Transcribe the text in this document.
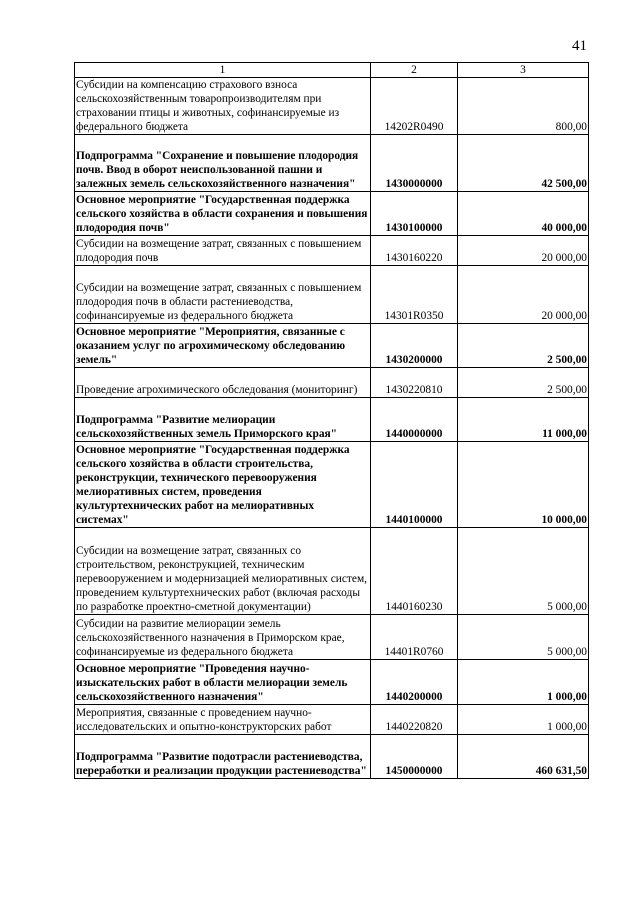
41
1	2	3
Субсидии на компенсацию страхового взноса сельскохозяйственным товаропроизводителям при страховании птицы и животных, софинансируемые из федерального бюджета	14202R0490	800,00
Подпрограмма "Сохранение и повышение плодородия почв. Ввод в оборот неиспользованной пашни и залежных земель сельскохозяйственного назначения"	1430000000	42 500,00
Основное мероприятие "Государственная поддержка сельского хозяйства в области сохранения и повышения плодородия почв"	1430100000	40 000,00
Субсидии на возмещение затрат, связанных с повышением плодородия почв	1430160220	20 000,00
Субсидии на возмещение затрат, связанных с повышением плодородия почв в области растениеводства, софинансируемые из федерального бюджета	14301R0350	20 000,00
Основное мероприятие "Мероприятия, связанные с оказанием услуг по агрохимическому обследованию земель"	1430200000	2 500,00
Проведение агрохимического обследования (мониторинг)	1430220810	2 500,00
Подпрограмма "Развитие мелиорации сельскохозяйственных земель Приморского края"	1440000000	11 000,00
Основное мероприятие "Государственная поддержка сельского хозяйства в области строительства, реконструкции, технического перевооружения мелиоративных систем, проведения культуртехнических работ на мелиоративных системах"	1440100000	10 000,00
Субсидии на возмещение затрат, связанных со строительством, реконструкцией, техническим перевооружением и модернизацией мелиоративных систем, проведением культуртехнических работ (включая расходы по разработке проектно-сметной документации)	1440160230	5 000,00
Субсидии на развитие мелиорации земель сельскохозяйственного назначения в Приморском крае, софинансируемые из федерального бюджета	14401R0760	5 000,00
Основное мероприятие "Проведения научно-изыскательских работ в области мелиорации земель сельскохозяйственного назначения"	1440200000	1 000,00
Мероприятия, связанные с проведением научно-исследовательских и опытно-конструкторских работ	1440220820	1 000,00
Подпрограмма "Развитие подотрасли растениеводства, переработки и реализации продукции растениеводства"	1450000000	460 631,50
